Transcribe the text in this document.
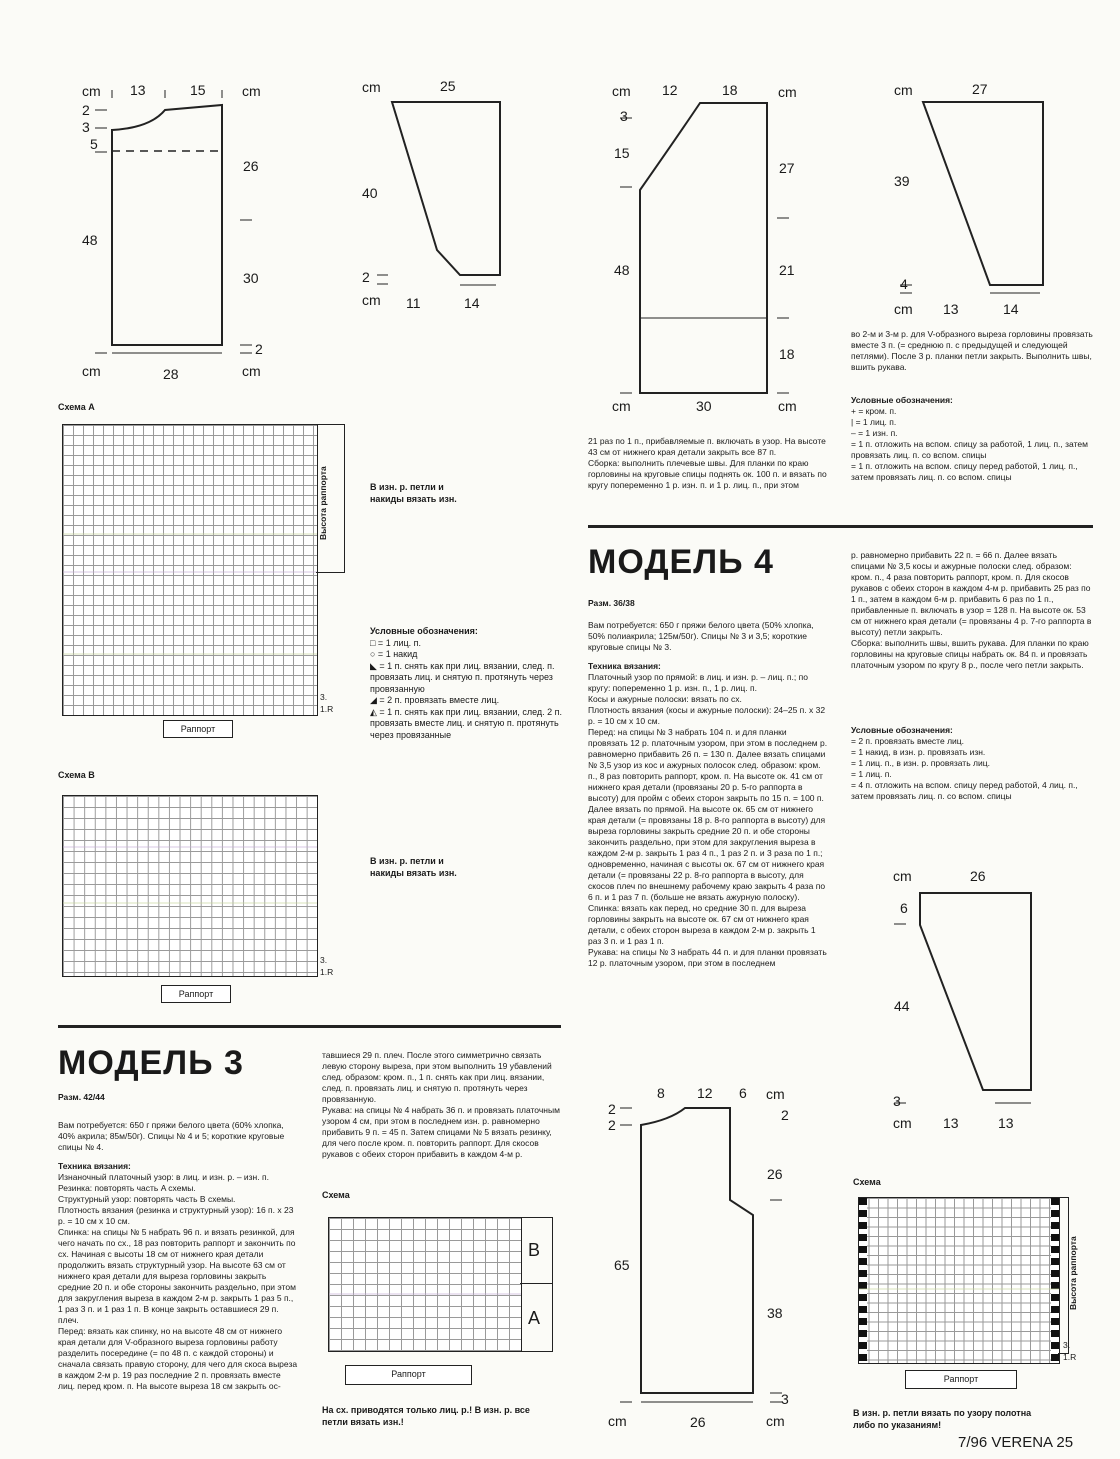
cm 13	15	cm
2
3
5
48
26
30
2
cm	28	cm
cm	25
40
2
cm 11	14
cm 12	18	cm
3
15
48
27
21
18
cm	30	cm
cm	27
39
4
cm 13	14
cm	26
6
44
3
cm 13	13
8 12 6 cm
2
2
65
cm
2
26
38
3
26	cm
Схема A
Высота раппорта
Раппорт
3.
1.R
В изн. р. петли и накиды вязать изн.
Условные обозначения:
□ = 1 лиц. п.
○ = 1 накид
◣ = 1 п. снять как при лиц. вязании, след. п. провязать лиц. и снятую п. протянуть через провязанную
◢ = 2 п. провязать вместе лиц.
◭ = 1 п. снять как при лиц. вязании, след. 2 п. провязать вместе лиц. и снятую п. протянуть через провязанные
Схема B
Раппорт
3.
1.R
В изн. р. петли и накиды вязать изн.
МОДЕЛЬ 3
Разм. 42/44
Вам потребуется: 650 г пряжи белого цвета (60% хлопка, 40% акрила; 85м/50г). Спицы № 4 и 5; короткие круговые спицы № 4.
Техника вязания:
Изнаночный платочный узор: в лиц. и изн. р. – изн. п.
Резинка: повторять часть A схемы.
Структурный узор: повторять часть B схемы.
Плотность вязания (резинка и структурный узор): 16 п. х 23 р. = 10 см х 10 см.
Спинка: на спицы № 5 набрать 96 п. и вязать резинкой, для чего начать по сх., 18 раз повторить раппорт и закончить по сх. Начиная с высоты 18 см от нижнего края детали продолжить вязать структурный узор. На высоте 63 см от нижнего края детали для выреза горловины закрыть средние 20 п. и обе стороны закончить раздельно, при этом для закругления выреза в каждом 2-м р. закрыть 1 раз 5 п., 1 раз 3 п. и 1 раз 1 п. В конце закрыть оставшиеся 29 п. плеч.
Перед: вязать как спинку, но на высоте 48 см от нижнего края детали для V-образного выреза горловины работу разделить посередине (= по 48 п. с каждой стороны) и сначала связать правую сторону, для чего для скоса выреза в каждом 2-м р. 19 раз последние 2 п. провязать вместе лиц. перед кром. п. На высоте выреза 18 см закрыть ос-
тавшиеся 29 п. плеч. После этого симметрично связать левую сторону выреза, при этом выполнить 19 убавлений след. образом: кром. п., 1 п. снять как при лиц. вязании, след. п. провязать лиц. и снятую п. протянуть через провязанную.
Рукава: на спицы № 4 набрать 36 п. и провязать платочным узором 4 см, при этом в последнем изн. р. равномерно прибавить 9 п. = 45 п. Затем спицами № 5 вязать резинку, для чего после кром. п. повторить раппорт. Для скосов рукавов с обеих сторон прибавить в каждом 4-м р.
Схема
B
A
Раппорт
На сх. приводятся только лиц. р.! В изн. р. все петли вязать изн.!
21 раз по 1 п., прибавляемые п. включать в узор. На высоте 43 см от нижнего края детали закрыть все 87 п.
Сборка: выполнить плечевые швы. Для планки по краю горловины на круговые спицы поднять ок. 100 п. и вязать по кругу попеременно 1 р. изн. п. и 1 р. лиц. п., при этом
во 2-м и 3-м р. для V-образного выреза горловины провязать вместе 3 п. (= среднюю п. с предыдущей и следующей петлями). После 3 р. планки петли закрыть. Выполнить швы, вшить рукава.
Условные обозначения:
+ = кром. п.
| = 1 лиц. п.
– = 1 изн. п.
= 1 п. отложить на вспом. спицу за работой, 1 лиц. п., затем провязать лиц. п. со вспом. спицы
= 1 п. отложить на вспом. спицу перед работой, 1 лиц. п., затем провязать лиц. п. со вспом. спицы
МОДЕЛЬ 4
Разм. 36/38
Вам потребуется: 650 г пряжи белого цвета (50% хлопка, 50% полиакрила; 125м/50г). Спицы № 3 и 3,5; короткие круговые спицы № 3.
Техника вязания:
Платочный узор по прямой: в лиц. и изн. р. – лиц. п.; по кругу: попеременно 1 р. изн. п., 1 р. лиц. п.
Косы и ажурные полоски: вязать по сх.
Плотность вязания (косы и ажурные полоски): 24–25 п. х 32 р. = 10 см х 10 см.
Перед: на спицы № 3 набрать 104 п. и для планки провязать 12 р. платочным узором, при этом в последнем р. равномерно прибавить 26 п. = 130 п. Далее вязать спицами № 3,5 узор из кос и ажурных полосок след. образом: кром. п., 8 раз повторить раппорт, кром. п. На высоте ок. 41 см от нижнего края детали (провязаны 20 р. 5-го раппорта в высоту) для пройм с обеих сторон закрыть по 15 п. = 100 п. Далее вязать по прямой. На высоте ок. 65 см от нижнего края детали (= провязаны 18 р. 8-го раппорта в высоту) для выреза горловины закрыть средние 20 п. и обе стороны закончить раздельно, при этом для закругления выреза в каждом 2-м р. закрыть 1 раз 4 п., 1 раз 2 п. и 3 раза по 1 п.; одновременно, начиная с высоты ок. 67 см от нижнего края детали (= провязаны 22 р. 8-го раппорта в высоту, для скосов плеч по внешнему рабочему краю закрыть 4 раза по 6 п. и 1 раз 7 п. (больше не вязать ажурную полоску).
Спинка: вязать как перед, но средние 30 п. для выреза горловины закрыть на высоте ок. 67 см от нижнего края детали, с обеих сторон выреза в каждом 2-м р. закрыть 1 раз 3 п. и 1 раз 1 п.
Рукава: на спицы № 3 набрать 44 п. и для планки провязать 12 р. платочным узором, при этом в последнем
р. равномерно прибавить 22 п. = 66 п. Далее вязать спицами № 3,5 косы и ажурные полоски след. образом: кром. п., 4 раза повторить раппорт, кром. п. Для скосов рукавов с обеих сторон в каждом 4-м р. прибавить 25 раз по 1 п., затем в каждом 6-м р. прибавить 6 раз по 1 п., прибавленные п. включать в узор = 128 п. На высоте ок. 53 см от нижнего края детали (= провязаны 4 р. 7-го раппорта в высоту) петли закрыть.
Сборка: выполнить швы, вшить рукава. Для планки по краю горловины на круговые спицы набрать ок. 84 п. и провязать платочным узором по кругу 8 р., после чего петли закрыть.
Условные обозначения:
= 2 п. провязать вместе лиц.
= 1 накид, в изн. р. провязать изн.
= 1 лиц. п., в изн. р. провязать лиц.
= 1 лиц. п.
= 4 п. отложить на вспом. спицу перед работой, 4 лиц. п., затем провязать лиц. п. со вспом. спицы
Схема
Высота раппорта
Раппорт
3.
1.R
В изн. р. петли вязать по узору полотна либо по указаниям!
7/96 VERENA 25
